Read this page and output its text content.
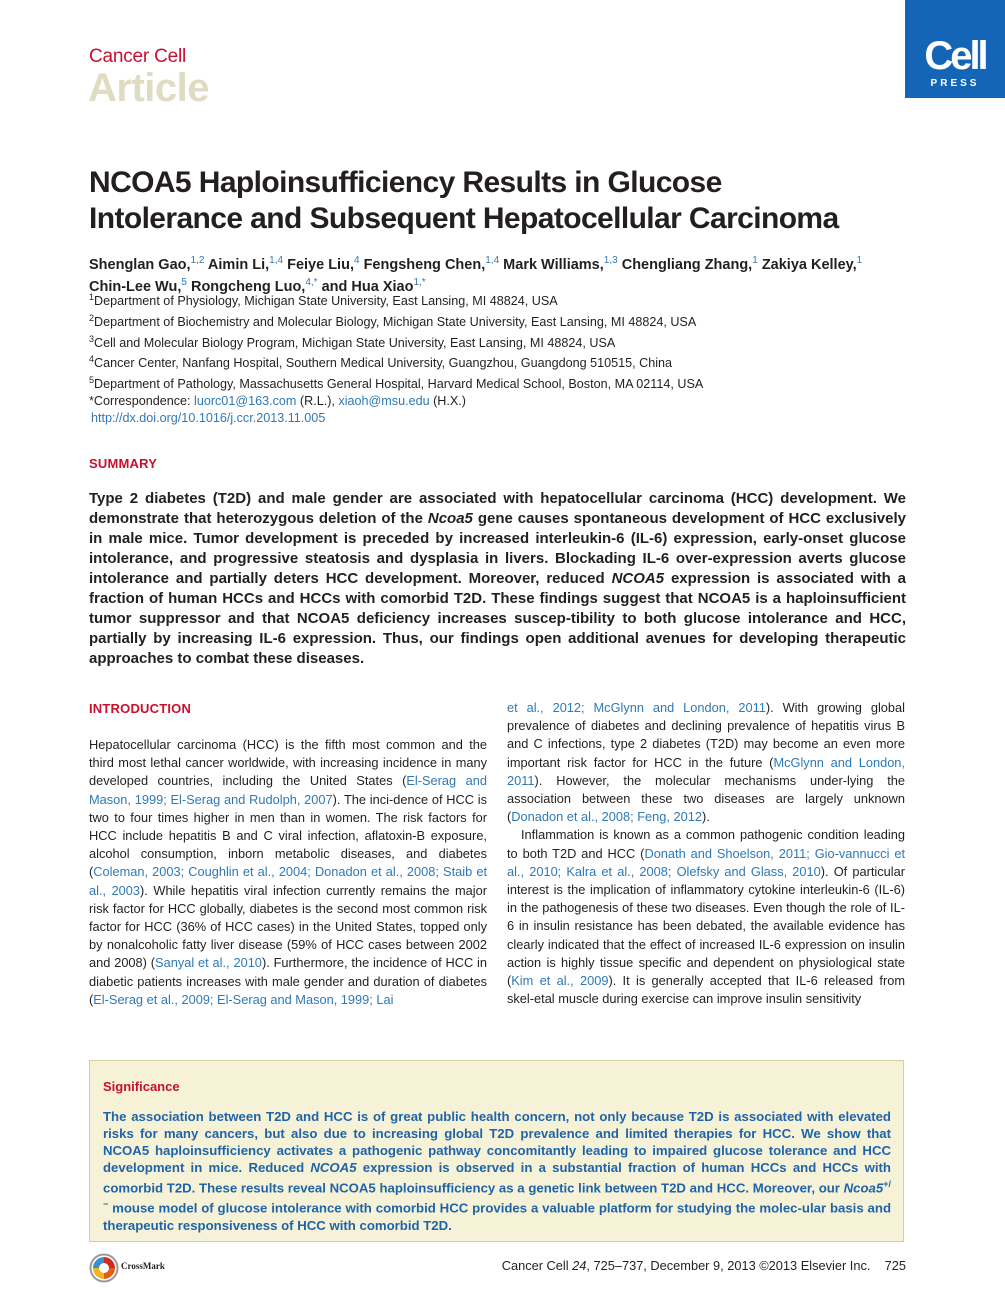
Cancer Cell
Article
Cell
PRESS
NCOA5 Haploinsufficiency Results in Glucose
Intolerance and Subsequent Hepatocellular Carcinoma
Shenglan Gao,$^{1,2}$ Aimin Li,$^{1,4}$ Feiye Liu,$^4$ Fengsheng Chen,$^{1,4}$ Mark Williams,$^{1,3}$ Chengliang Zhang,$^1$ Zakiya Kelley,$^1$
Chin-Lee Wu,$^5$ Rongcheng Luo,$^{4,*}$ and Hua Xiao$^{1,*}$
$^1$Department of Physiology, Michigan State University, East Lansing, MI 48824, USA
$^2$Department of Biochemistry and Molecular Biology, Michigan State University, East Lansing, MI 48824, USA
$^3$Cell and Molecular Biology Program, Michigan State University, East Lansing, MI 48824, USA
$^4$Cancer Center, Nanfang Hospital, Southern Medical University, Guangzhou, Guangdong 510515, China
$^5$Department of Pathology, Massachusetts General Hospital, Harvard Medical School, Boston, MA 02114, USA
*Correspondence: luorc01@163.com (R.L.), xiaoh@msu.edu (H.X.)
http://dx.doi.org/10.1016/j.ccr.2013.11.005
SUMMARY
Type 2 diabetes (T2D) and male gender are associated with hepatocellular carcinoma (HCC) development. We demonstrate that heterozygous deletion of the Ncoa5 gene causes spontaneous development of HCC exclusively in male mice. Tumor development is preceded by increased interleukin-6 (IL-6) expression, early-onset glucose intolerance, and progressive steatosis and dysplasia in livers. Blockading IL-6 over-expression averts glucose intolerance and partially deters HCC development. Moreover, reduced NCOA5 expression is associated with a fraction of human HCCs and HCCs with comorbid T2D. These findings suggest that NCOA5 is a haploinsufficient tumor suppressor and that NCOA5 deficiency increases suscep-tibility to both glucose intolerance and HCC, partially by increasing IL-6 expression. Thus, our findings open additional avenues for developing therapeutic approaches to combat these diseases.
INTRODUCTION
Hepatocellular carcinoma (HCC) is the fifth most common and the third most lethal cancer worldwide, with increasing incidence in many developed countries, including the United States (El-Serag and Mason, 1999; El-Serag and Rudolph, 2007). The inci-dence of HCC is two to four times higher in men than in women. The risk factors for HCC include hepatitis B and C viral infection, aflatoxin-B exposure, alcohol consumption, inborn metabolic diseases, and diabetes (Coleman, 2003; Coughlin et al., 2004; Donadon et al., 2008; Staib et al., 2003). While hepatitis viral infection currently remains the major risk factor for HCC globally, diabetes is the second most common risk factor for HCC (36% of HCC cases) in the United States, topped only by nonalcoholic fatty liver disease (59% of HCC cases between 2002 and 2008) (Sanyal et al., 2010). Furthermore, the incidence of HCC in diabetic patients increases with male gender and duration of diabetes (El-Serag et al., 2009; El-Serag and Mason, 1999; Lai
et al., 2012; McGlynn and London, 2011). With growing global prevalence of diabetes and declining prevalence of hepatitis virus B and C infections, type 2 diabetes (T2D) may become an even more important risk factor for HCC in the future (McGlynn and London, 2011). However, the molecular mechanisms under-lying the association between these two diseases are largely unknown (Donadon et al., 2008; Feng, 2012).
Inflammation is known as a common pathogenic condition leading to both T2D and HCC (Donath and Shoelson, 2011; Gio-vannucci et al., 2010; Kalra et al., 2008; Olefsky and Glass, 2010). Of particular interest is the implication of inflammatory cytokine interleukin-6 (IL-6) in the pathogenesis of these two diseases. Even though the role of IL-6 in insulin resistance has been debated, the available evidence has clearly indicated that the effect of increased IL-6 expression on insulin action is highly tissue specific and dependent on physiological state (Kim et al., 2009). It is generally accepted that IL-6 released from skel-etal muscle during exercise can improve insulin sensitivity
Significance
The association between T2D and HCC is of great public health concern, not only because T2D is associated with elevated risks for many cancers, but also due to increasing global T2D prevalence and limited therapies for HCC. We show that NCOA5 haploinsufficiency activates a pathogenic pathway concomitantly leading to impaired glucose tolerance and HCC development in mice. Reduced NCOA5 expression is observed in a substantial fraction of human HCCs and HCCs with comorbid T2D. These results reveal NCOA5 haploinsufficiency as a genetic link between T2D and HCC. Moreover, our Ncoa5+/− mouse model of glucose intolerance with comorbid HCC provides a valuable platform for studying the molec-ular basis and therapeutic responsiveness of HCC with comorbid T2D.
CrossMark	Cancer Cell 24, 725–737, December 9, 2013 ©2013 Elsevier Inc. 725
